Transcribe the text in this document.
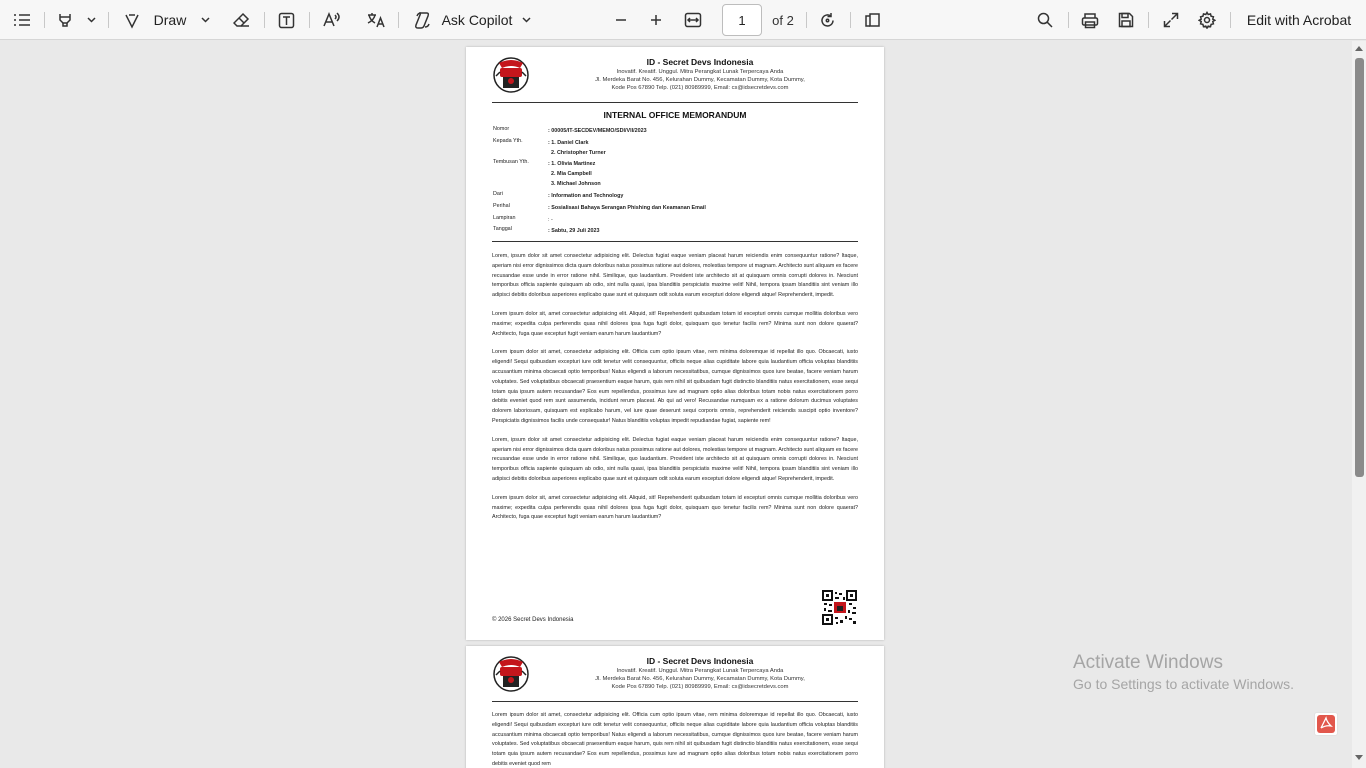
Draw	Ask Copilot
1	of 2	Edit with Acrobat
ID - Secret Devs Indonesia
Inovatif. Kreatif. Unggul. Mitra Perangkat Lunak Terpercaya Anda
Jl. Merdeka Barat No. 456, Kelurahan Dummy, Kecamatan Dummy, Kota Dummy,
Kode Pos 67890 Telp. (021) 80989999, Email: cs@idsecretdevs.com
INTERNAL OFFICE MEMORANDUM
Nomor	: 00005/IT-SECDEV/MEMO/SDI/VII/2023
Kepada Yth.	: 1. Daniel Clark
2. Christopher Turner
Tembusan Yth.	: 1. Olivia Martinez
2. Mia Campbell
3. Michael Johnson
Dari	: Information and Technology
Perihal	: Sosialisasi Bahaya Serangan Phishing dan Keamanan Email
Lampiran	: -
Tanggal	: Sabtu, 29 Juli 2023

Lorem, ipsum dolor sit amet consectetur adipisicing elit. Delectus fugiat eaque veniam placeat harum reiciendis enim consequuntur ratione? Itaque, aperiam nisi error dignissimos dicta quam doloribus natus possimus ratione aut dolores, molestias tempore ut magnam. Architecto sunt aliquam ex facere recusandae esse unde in error ratione nihil. Similique, quo laudantium. Provident iste architecto sit at quisquam omnis corrupti dolores in. Nesciunt temporibus officia sapiente quisquam ab odio, sint nulla quasi, ipsa blanditiis perspiciatis maxime velit! Nihil, tempora ipsam blanditiis sint veniam illo adipisci debitis doloribus asperiores explicabo quae sunt et quisquam odit soluta earum excepturi dolore eligendi atque! Reprehenderit, impedit.

Lorem ipsum dolor sit, amet consectetur adipisicing elit. Aliquid, sit! Reprehenderit quibusdam totam id excepturi omnis cumque mollitia doloribus vero maxime; expedita culpa perferendis quas nihil dolores ipsa fuga fugit dolor, quisquam quo tenetur facilis rem? Minima sunt non dolore quaerat? Architecto, fuga quae excepturi fugit veniam earum harum laudantium?

Lorem ipsum dolor sit amet, consectetur adipisicing elit. Officia cum optio ipsum vitae, rem minima doloremque id repellat illo quo. Obcaecati, iusto eligendi! Sequi quibusdam excepturi iure odit tenetur velit consequuntur, officiis neque alias cupiditate labore quia laudantium officia voluptas blanditiis accusantium minima obcaecati optio temporibus! Natus eligendi a laborum necessitatibus, cumque dignissimos quos iure beatae, facere veniam harum voluptates. Sed voluptatibus obcaecati praesentium eaque harum, quis rem nihil sit quibusdam fugit distinctio blanditiis natus exercitationem, esse sequi totam quia ipsum autem recusandae? Eos eum repellendus, possimus iure ad magnam optio alias doloribus totam nobis natus exercitationem porro debitis eveniet quod rem sunt assumenda, incidunt rerum placeat. Ab qui ad vero! Recusandae numquam ex a ratione dolorum ducimus voluptates dolorem laboriosam, quisquam est explicabo harum, vel iure quae deserunt sequi corporis omnis, reprehenderit reiciendis suscipit optio inventore? Perspiciatis dignissimos facilis unde consequatur! Natus blanditiis voluptas impedit repudiandae fugiat, sapiente rem!

Lorem, ipsum dolor sit amet consectetur adipisicing elit. Delectus fugiat eaque veniam placeat harum reiciendis enim consequuntur ratione? Itaque, aperiam nisi error dignissimos dicta quam doloribus natus possimus ratione aut dolores, molestias tempore ut magnam. Architecto sunt aliquam ex facere recusandae esse unde in error ratione nihil. Similique, quo laudantium. Provident iste architecto sit at quisquam omnis corrupti dolores in. Nesciunt temporibus officia sapiente quisquam ab odio, sint nulla quasi, ipsa blanditiis perspiciatis maxime velit! Nihil, tempora ipsam blanditiis sint veniam illo adipisci debitis doloribus asperiores explicabo quae sunt et quisquam odit soluta earum excepturi dolore eligendi atque! Reprehenderit, impedit.

Lorem ipsum dolor sit, amet consectetur adipisicing elit. Aliquid, sit! Reprehenderit quibusdam totam id excepturi omnis cumque mollitia doloribus vero maxime; expedita culpa perferendis quas nihil dolores ipsa fuga fugit dolor, quisquam quo tenetur facilis rem? Minima sunt non dolore quaerat? Architecto, fuga quae excepturi fugit veniam earum harum laudantium?

© 2026 Secret Devs Indonesia
ID - Secret Devs Indonesia
Inovatif. Kreatif. Unggul. Mitra Perangkat Lunak Terpercaya Anda
Jl. Merdeka Barat No. 456, Kelurahan Dummy, Kecamatan Dummy, Kota Dummy,
Kode Pos 67890 Telp. (021) 80989999, Email: cs@idsecretdevs.com

Lorem ipsum dolor sit amet, consectetur adipisicing elit. Officia cum optio ipsum vitae, rem minima doloremque id repellat illo quo. Obcaecati, iusto eligendi! Sequi quibusdam excepturi iure odit tenetur velit consequuntur, officiis neque alias cupiditate labore quia laudantium officia voluptas blanditiis accusantium minima obcaecati optio temporibus! Natus eligendi a laborum necessitatibus, cumque dignissimos quos iure beatae, facere veniam harum voluptates. Sed voluptatibus obcaecati praesentium eaque harum, quis rem nihil sit quibusdam fugit distinctio blanditiis natus exercitationem, esse sequi totam quia ipsum autem recusandae? Eos eum repellendus, possimus iure ad magnam optio alias doloribus totam nobis natus exercitationem porro debitis eveniet quod rem

Activate Windows
Go to Settings to activate Windows.
